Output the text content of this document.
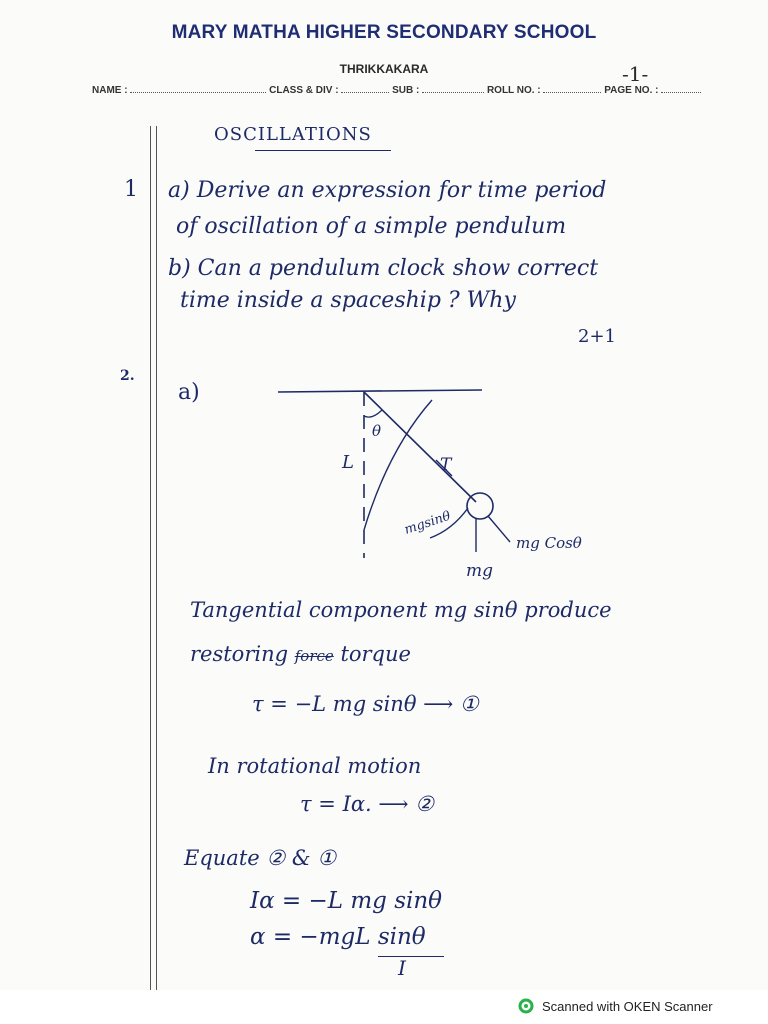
MARY MATHA HIGHER SECONDARY SCHOOL
THRIKKAKARA	-1-
NAME :	CLASS & DIV :	SUB :	ROLL NO. :	PAGE NO. :
OSCILLATIONS
1 a) Derive an expression for time period
of oscillation of a simple pendulum
b) Can a pendulum clock show correct
time inside a spaceship ? Why
2+1
2.
a)
θ
L	T
mgsinθ
mg
mg Cosθ
Tangential component mg sinθ produce
restoring force torque
τ = −L mg sinθ ⟶ ①
In rotational motion
τ = Iα. ⟶ ②
Equate ② & ①
Iα = −L mg sinθ
α = −mgL sinθ
I
Scanned with OKEN Scanner
